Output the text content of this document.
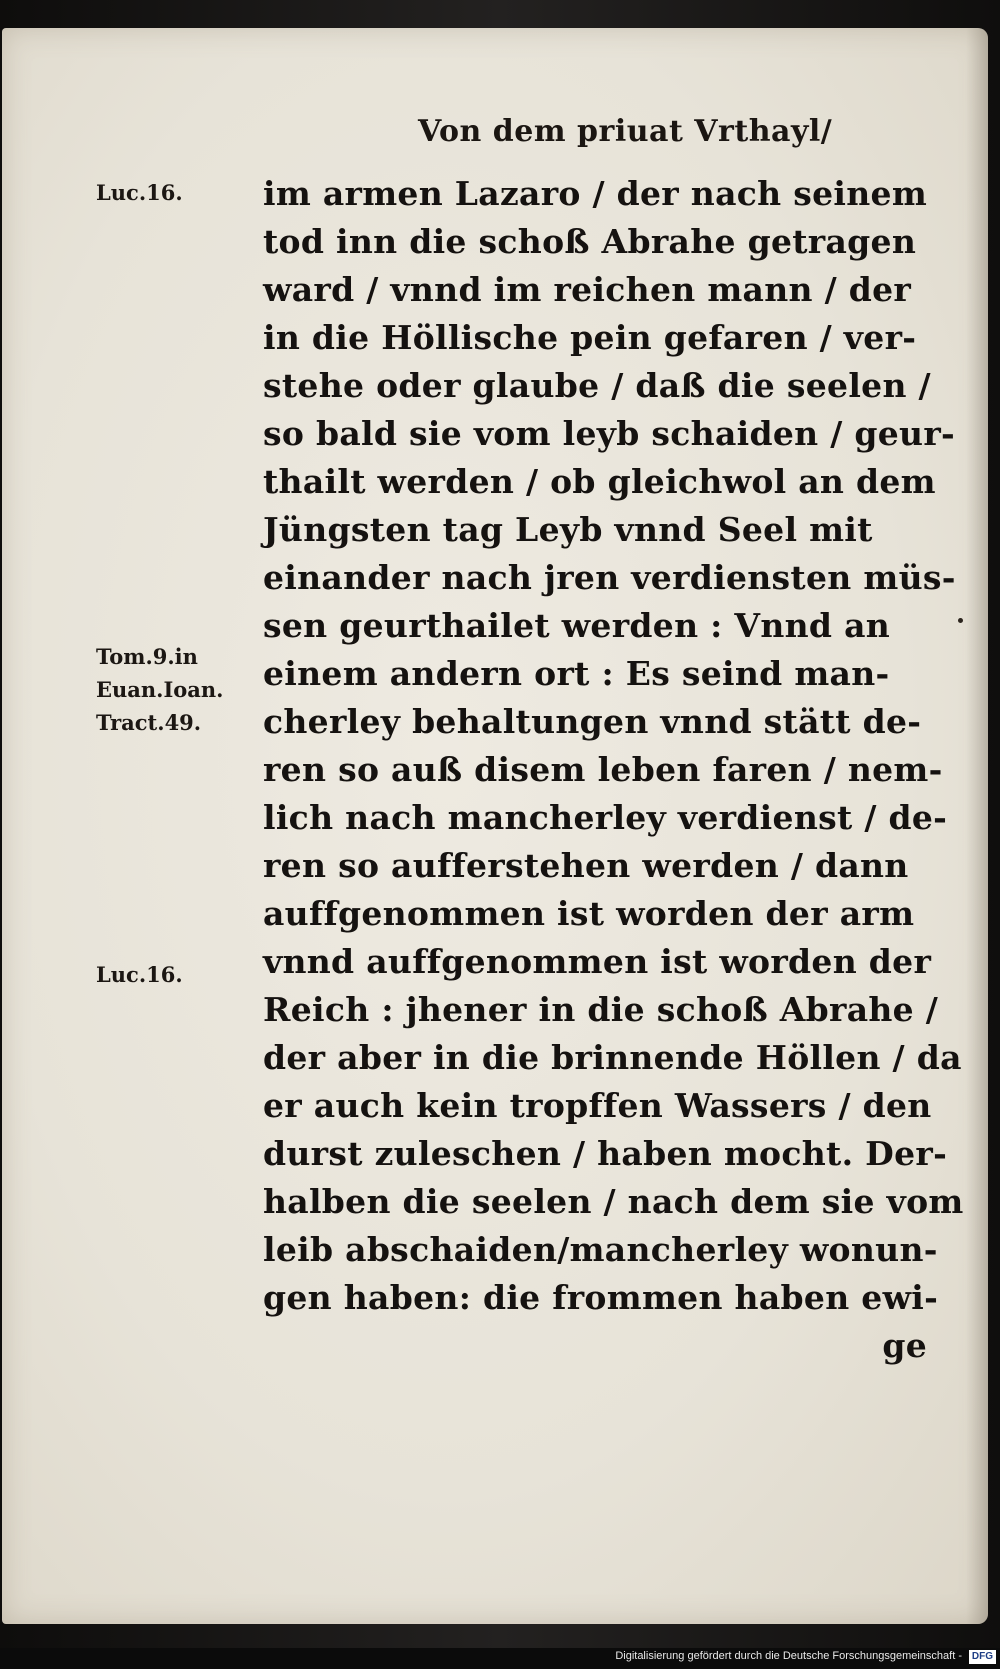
Von dem priuat Vrthayl/
Luc.16.
Tom.9.in
Euan.Ioan.
Tract.49.
Luc.16.
im armen Lazaro / der nach seinem
tod inn die schoß Abrahe getragen
ward / vnnd im reichen mann / der
in die Höllische pein gefaren / ver-
stehe oder glaube / daß die seelen /
so bald sie vom leyb schaiden / geur-
thailt werden / ob gleichwol an dem
Jüngsten tag Leyb vnnd Seel mit
einander nach jren verdiensten müs-
sen geurthailet werden : Vnnd an
einem andern ort : Es seind man-
cherley behaltungen vnnd stätt de-
ren so auß disem leben faren / nem-
lich nach mancherley verdienst / de-
ren so aufferstehen werden / dann
auffgenommen ist worden der arm
vnnd auffgenommen ist worden der
Reich : jhener in die schoß Abrahe /
der aber in die brinnende Höllen / da
er auch kein tropffen Wassers / den
durst zuleschen / haben mocht. Der-
halben die seelen / nach dem sie vom
leib abschaiden/mancherley wonun-
gen haben: die frommen haben ewi-
ge
Digitalisierung gefördert durch die Deutsche Forschungsgemeinschaft - DFG
